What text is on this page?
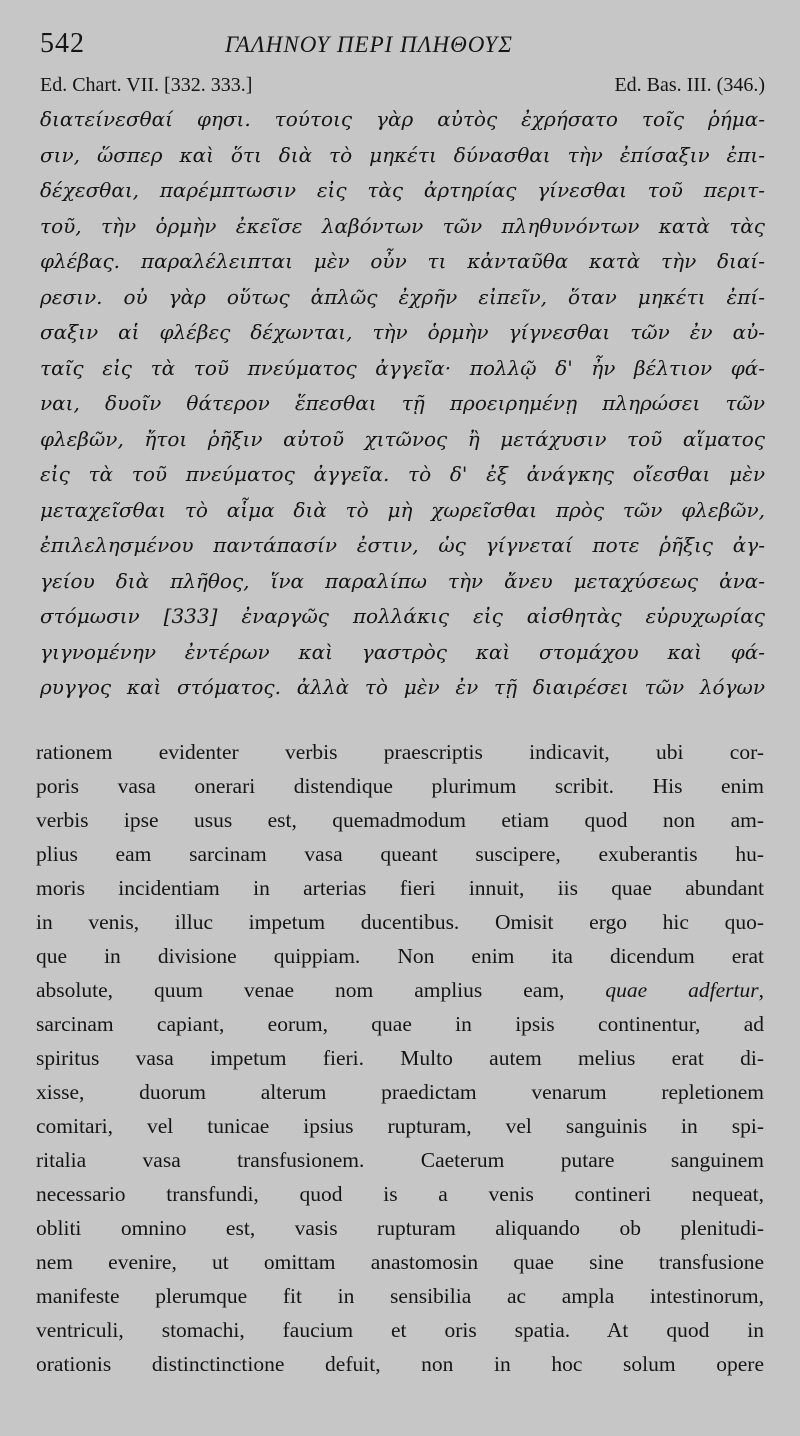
542	ΓΑΛΗΝΟΥ ΠΕΡΙ ΠΛΗΘΟΥΣ
Ed. Chart. VII. [332. 333.]	Ed. Bas. III. (346.)
διατείνεσθαί φησι. τούτοις γὰρ αὐτὸς ἐχρήσατο τοῖς ῥήμα-
σιν, ὥσπερ καὶ ὅτι διὰ τὸ μηκέτι δύνασθαι τὴν ἐπίσαξιν ἐπι-
δέχεσθαι, παρέμπτωσιν εἰς τὰς ἀρτηρίας γίνεσθαι τοῦ περιτ-
τοῦ, τὴν ὁρμὴν ἐκεῖσε λαβόντων τῶν πληθυνόντων κατὰ τὰς
φλέβας. παραλέλειπται μὲν οὖν τι κἀνταῦθα κατὰ τὴν διαί-
ρεσιν. οὐ γὰρ οὕτως ἁπλῶς ἐχρῆν εἰπεῖν, ὅταν μηκέτι ἐπί-
σαξιν αἱ φλέβες δέχωνται, τὴν ὁρμὴν γίγνεσθαι τῶν ἐν αὐ-
ταῖς εἰς τὰ τοῦ πνεύματος ἀγγεῖα· πολλῷ δ' ἦν βέλτιον φά-
ναι, δυοῖν θάτερον ἕπεσθαι τῇ προειρημένῃ πληρώσει τῶν
φλεβῶν, ἤτοι ῥῆξιν αὐτοῦ χιτῶνος ἢ μετάχυσιν τοῦ αἵματος
εἰς τὰ τοῦ πνεύματος ἀγγεῖα. τὸ δ' ἐξ ἀνάγκης οἴεσθαι μὲν
μεταχεῖσθαι τὸ αἷμα διὰ τὸ μὴ χωρεῖσθαι πρὸς τῶν φλεβῶν,
ἐπιλελησμένου παντάπασίν ἐστιν, ὡς γίγνεταί ποτε ῥῆξις ἀγ-
γείου διὰ πλῆθος, ἵνα παραλίπω τὴν ἄνευ μεταχύσεως ἀνα-
στόμωσιν [333] ἐναργῶς πολλάκις εἰς αἰσθητὰς εὐρυχωρίας
γιγνομένην ἐντέρων καὶ γαστρὸς καὶ στομάχου καὶ φά-
ρυγγος καὶ στόματος. ἀλλὰ τὸ μὲν ἐν τῇ διαιρέσει τῶν λόγων
rationem evidenter verbis praescriptis indicavit, ubi cor-
poris vasa onerari distendique plurimum scribit. His enim
verbis ipse usus est, quemadmodum etiam quod non am-
plius eam sarcinam vasa queant suscipere, exuberantis hu-
moris incidentiam in arterias fieri innuit, iis quae abundant
in venis, illuc impetum ducentibus. Omisit ergo hic quo-
que in divisione quippiam. Non enim ita dicendum erat
absolute, quum venae nom amplius eam, quae adfertur,
sarcinam capiant, eorum, quae in ipsis continentur, ad
spiritus vasa impetum fieri. Multo autem melius erat di-
xisse, duorum alterum praedictam venarum repletionem
comitari, vel tunicae ipsius rupturam, vel sanguinis in spi-
ritalia vasa transfusionem. Caeterum putare sanguinem
necessario transfundi, quod is a venis contineri nequeat,
obliti omnino est, vasis rupturam aliquando ob plenitudi-
nem evenire, ut omittam anastomosin quae sine transfusione
manifeste plerumque fit in sensibilia ac ampla intestinorum,
ventriculi, stomachi, faucium et oris spatia. At quod in
orationis distinctinctione defuit, non in hoc solum opere
